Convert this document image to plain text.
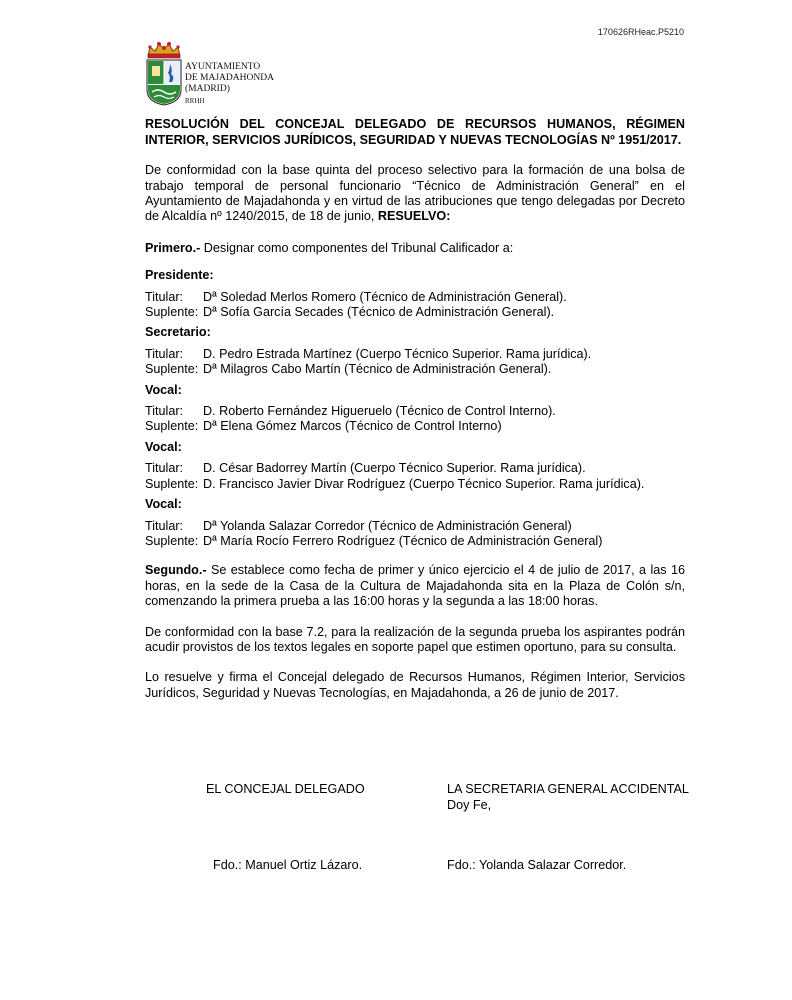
170626RHeac.P5210
AYUNTAMIENTO
DE MAJADAHONDA
(MADRID)
RRHH

RESOLUCIÓN DEL CONCEJAL DELEGADO DE RECURSOS HUMANOS, RÉGIMEN INTERIOR, SERVICIOS JURÍDICOS, SEGURIDAD Y NUEVAS TECNOLOGÍAS Nº 1951/2017.

De conformidad con la base quinta del proceso selectivo para la formación de una bolsa de trabajo temporal de personal funcionario “Técnico de Administración General” en el Ayuntamiento de Majadahonda y en virtud de las atribuciones que tengo delegadas por Decreto de Alcaldía nº 1240/2015, de 18 de junio, RESUELVO:

Primero.- Designar como componentes del Tribunal Calificador a:

Presidente:

Titular:	Dª Soledad Merlos Romero (Técnico de Administración General).
Suplente: Dª Sofía García Secades (Técnico de Administración General).

Secretario:

Titular:	D. Pedro Estrada Martínez (Cuerpo Técnico Superior. Rama jurídica).
Suplente: Dª Milagros Cabo Martín (Técnico de Administración General).

Vocal:

Titular:	D. Roberto Fernández Higueruelo (Técnico de Control Interno).
Suplente: Dª Elena Gómez Marcos (Técnico de Control Interno)

Vocal:

Titular:	D. César Badorrey Martín (Cuerpo Técnico Superior. Rama jurídica).
Suplente: D. Francisco Javier Divar Rodríguez (Cuerpo Técnico Superior. Rama jurídica).

Vocal:

Titular:	Dª Yolanda Salazar Corredor (Técnico de Administración General)
Suplente: Dª María Rocío Ferrero Rodríguez (Técnico de Administración General)

Segundo.- Se establece como fecha de primer y único ejercicio el 4 de julio de 2017, a las 16 horas, en la sede de la Casa de la Cultura de Majadahonda sita en la Plaza de Colón s/n, comenzando la primera prueba a las 16:00 horas y la segunda a las 18:00 horas.

De conformidad con la base 7.2, para la realización de la segunda prueba los aspirantes podrán acudir provistos de los textos legales en soporte papel que estimen oportuno, para su consulta.

Lo resuelve y firma el Concejal delegado de Recursos Humanos, Régimen Interior, Servicios Jurídicos, Seguridad y Nuevas Tecnologías, en Majadahonda, a 26 de junio de 2017.

EL CONCEJAL DELEGADO	LA SECRETARIA GENERAL ACCIDENTAL
Doy Fe,
Fdo.: Manuel Ortiz Lázaro.	Fdo.: Yolanda Salazar Corredor.
